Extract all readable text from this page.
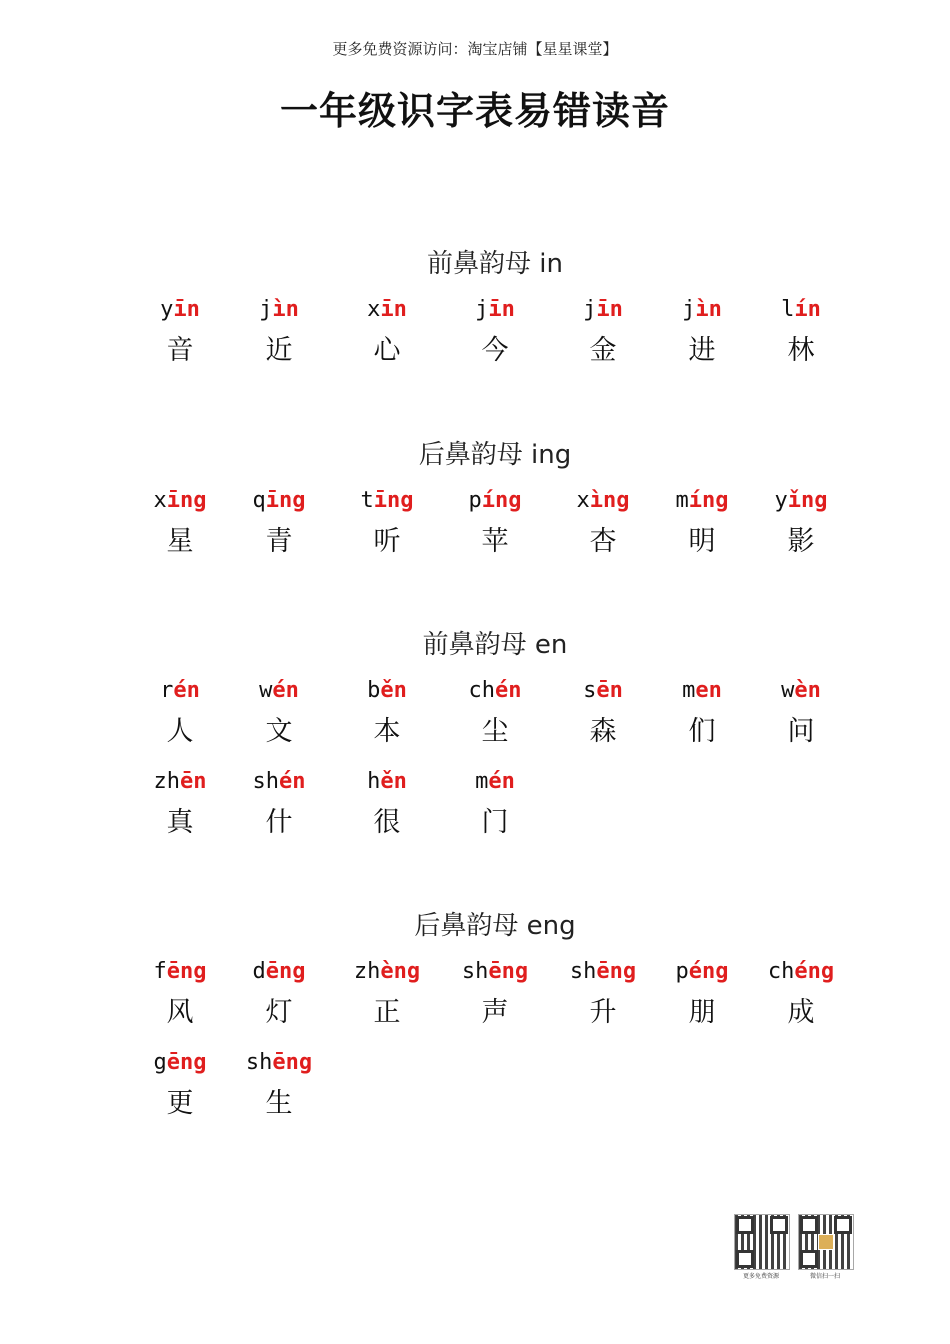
更多免费资源访问：淘宝店铺【星星课堂】
一年级识字表易错读音
前鼻韵母 in
yīn
音
jìn
近
xīn
心
jīn
今
jīn
金
jìn
进
lín
林
后鼻韵母 ing
xīng
星
qīng
青
tīng
听
píng
苹
xìng
杏
míng
明
yǐng
影
前鼻韵母 en
rén
人
wén
文
běn
本
chén
尘
sēn
森
men
们
wèn
问
zhēn
真
shén
什
hěn
很
mén
门
后鼻韵母 eng
fēng
风
dēng
灯
zhèng
正
shēng
声
shēng
升
péng
朋
chéng
成
gēng
更
shēng
生
更多免费资源	微信扫一扫
